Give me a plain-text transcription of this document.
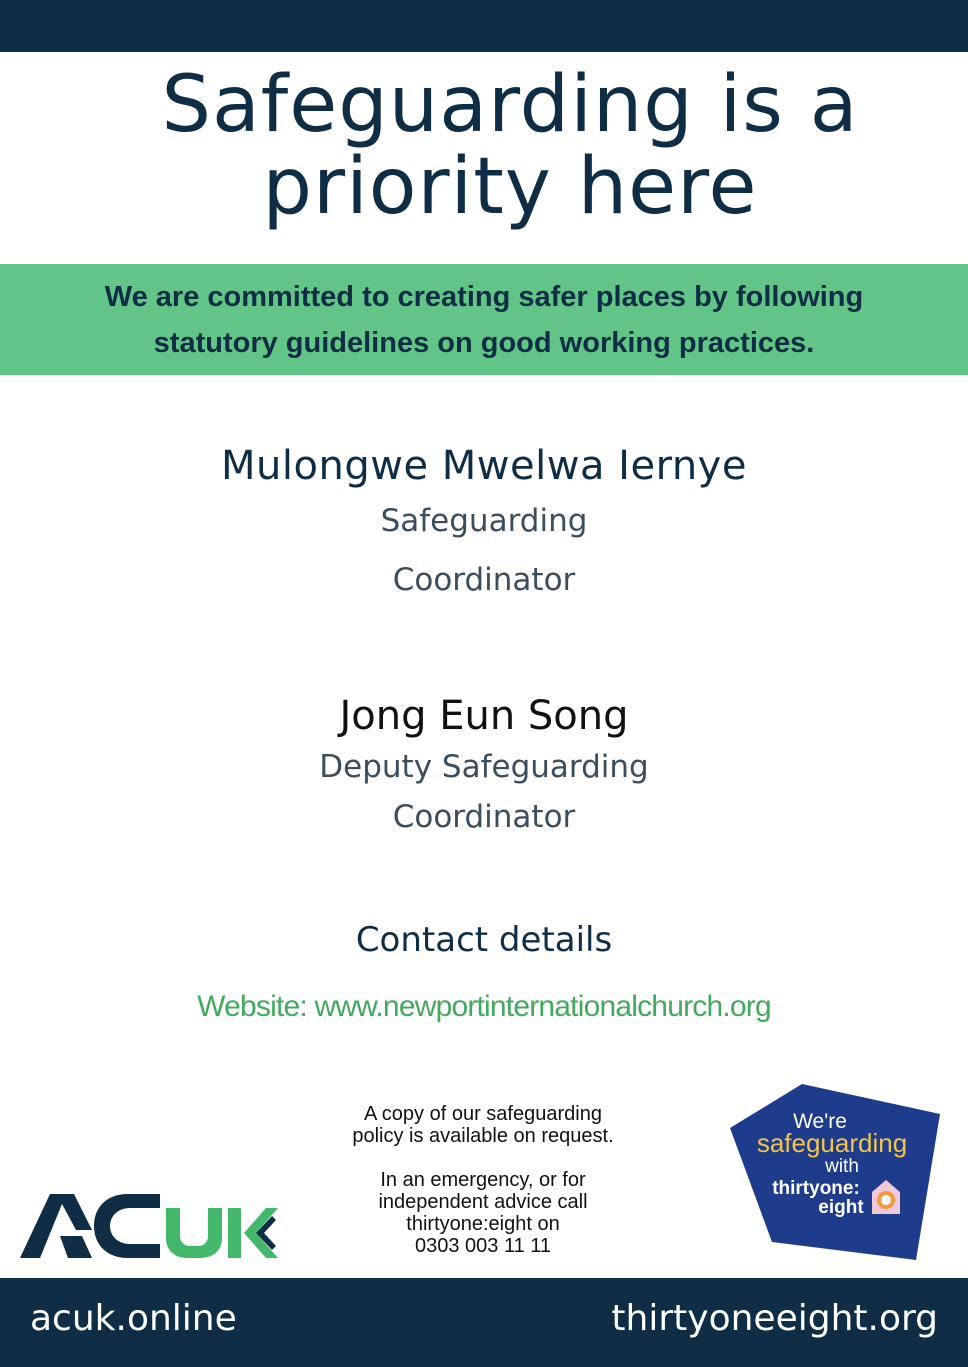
Safeguarding is a
priority here

We are committed to creating safer places by following
statutory guidelines on good working practices.

Mulongwe Mwelwa Iernye

Safeguarding
Coordinator

Jong Eun Song

Deputy Safeguarding
Coordinator

Contact details

Website: www.newportinternationalchurch.org

A copy of our safeguarding
policy is available on request.

In an emergency, or for
independent advice call
thirtyone:eight on
0303 003 11 11

We're
safeguarding
with
thirtyone:
eight
acuk.online	thirtyoneeight.org
